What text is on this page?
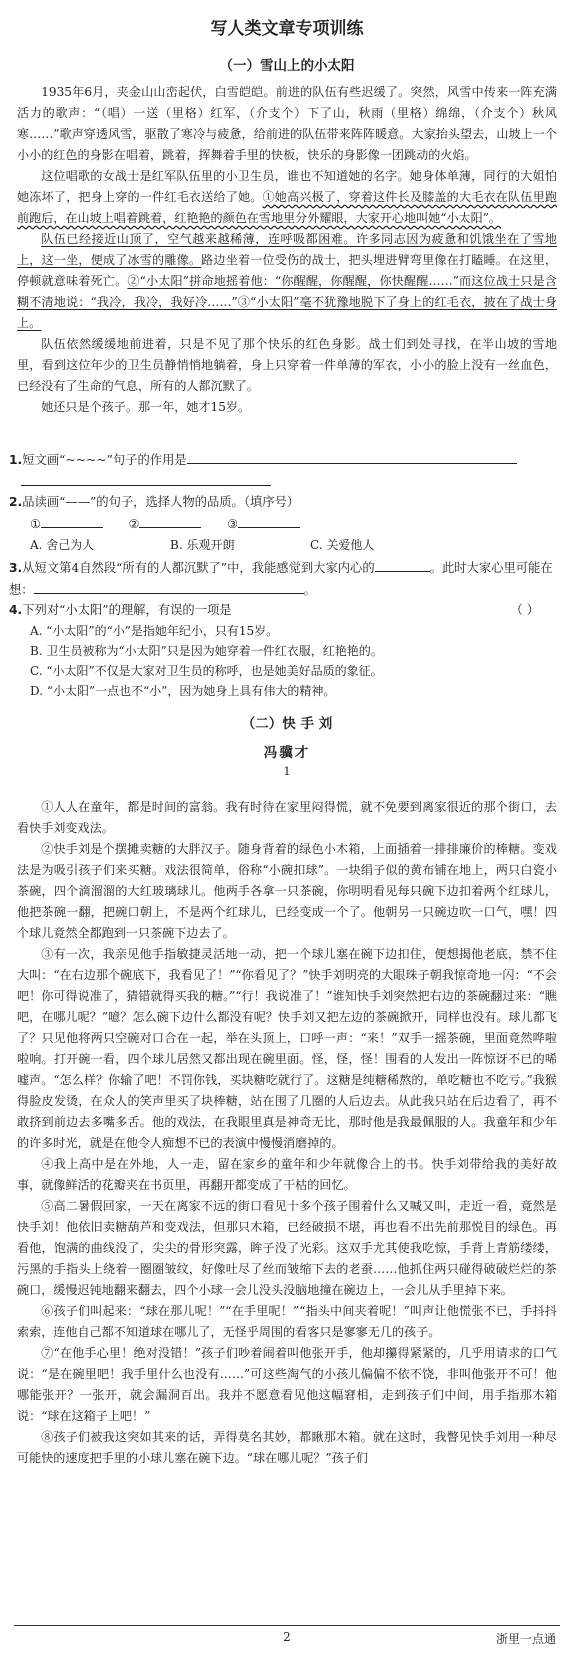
写人类文章专项训练
（一）雪山上的小太阳

1935年6月，夹金山山峦起伏，白雪皑皑。前进的队伍有些迟缓了。突然，风雪中传来一阵充满活力的歌声：“（唱）一送（里格）红军，（介支个）下了山，秋雨（里格）绵绵，（介支个）秋风寒……”歌声穿透风雪，驱散了寒冷与疲惫，给前进的队伍带来阵阵暖意。大家抬头望去，山坡上一个小小的红色的身影在唱着，跳着，挥舞着手里的快板，快乐的身影像一团跳动的火焰。

这位唱歌的女战士是红军队伍里的小卫生员，谁也不知道她的名字。她身体单薄，同行的大姐怕她冻坏了，把身上穿的一件红毛衣送给了她。①她高兴极了，穿着这件长及膝盖的大毛衣在队伍里跑前跑后，在山坡上唱着跳着，红艳艳的颜色在雪地里分外耀眼，大家开心地叫她“小太阳”。

队伍已经接近山顶了，空气越来越稀薄，连呼吸都困难。许多同志因为疲惫和饥饿坐在了雪地上，这一坐，便成了冰雪的雕像。路边坐着一位受伤的战士，把头埋进臂弯里像在打瞌睡。在这里，停顿就意味着死亡。②“小太阳”拼命地摇着他：“你醒醒，你醒醒，你快醒醒……”而这位战士只是含糊不清地说：“我冷，我冷，我好冷……”③“小太阳”毫不犹豫地脱下了身上的红毛衣，披在了战士身上。

队伍依然缓缓地前进着，只是不见了那个快乐的红色身影。战士们到处寻找，在半山坡的雪地里，看到这位年少的卫生员静悄悄地躺着，身上只穿着一件单薄的军衣，小小的脸上没有一丝血色，已经没有了生命的气息，所有的人都沉默了。

她还只是个孩子。那一年，她才15岁。

1.短文画“~~~~”句子的作用是

2.品读画“——”的句子，选择人物的品质。（填序号）
①	②	③
A. 舍己为人	B. 乐观开朗	C. 关爱他人
3.从短文第4自然段“所有的人都沉默了”中，我能感觉到大家内心的	。此时大家心里可能在想：	。
4.下列对“小太阳”的理解，有误的一项是	（ ）
A. “小太阳”的“小”是指她年纪小，只有15岁。
B. 卫生员被称为“小太阳”只是因为她穿着一件红衣服，红艳艳的。
C. “小太阳”不仅是大家对卫生员的称呼，也是她美好品质的象征。
D. “小太阳”一点也不“小”，因为她身上具有伟大的精神。
（二）快 手 刘
冯骥才
1

①人人在童年，都是时间的富翁。我有时待在家里闷得慌，就不免要到离家很近的那个街口，去看快手刘变戏法。

②快手刘是个摆摊卖糖的大胖汉子。随身背着的绿色小木箱，上面插着一排排廉价的棒糖。变戏法是为吸引孩子们来买糖。戏法很简单，俗称“小碗扣球”。一块绢子似的黄布铺在地上，两只白瓷小茶碗，四个滴溜溜的大红玻璃球儿。他两手各拿一只茶碗，你明明看见每只碗下边扣着两个红球儿，他把茶碗一翻，把碗口朝上，不是两个红球儿，已经变成一个了。他朝另一只碗边吹一口气，嘿！四个球儿竟然全都跑到一只茶碗下边去了。

③有一次，我亲见他手指敏捷灵活地一动，把一个球儿塞在碗下边扣住，便想揭他老底，禁不住大叫：“在右边那个碗底下，我看见了！”“你看见了？”快手刘明亮的大眼珠子朝我惊奇地一闪：“不会吧！你可得说准了，猜错就得买我的糖。”“行！我说准了！”谁知快手刘突然把右边的茶碗翻过来：“瞧吧，在哪儿呢？”噫？怎么碗下边什么都没有呢？快手刘又把左边的茶碗掀开，同样也没有。球儿都飞了？只见他将两只空碗对口合在一起，举在头顶上，口呼一声：“来！”双手一摇茶碗，里面竟然哗啦啦响。打开碗一看，四个球儿居然又都出现在碗里面。怪，怪，怪！围看的人发出一阵惊讶不已的唏嘘声。“怎么样？你输了吧！不罚你钱，买块糖吃就行了。这糖是纯糖稀熬的，单吃糖也不吃亏。”我猴得脸皮发烫，在众人的笑声里买了块棒糖，站在围了几圈的人后边去。从此我只站在后边看了，再不敢挤到前边去多嘴多舌。他的戏法，在我眼里真是神奇无比，那时他是我最佩服的人。我童年和少年的许多时光，就是在他令人痴想不已的表演中慢慢消磨掉的。

④我上高中是在外地，人一走，留在家乡的童年和少年就像合上的书。快手刘带给我的美好故事，就像鲜活的花瓣夹在书页里，再翻开都变成了干枯的回忆。

⑤高二暑假回家，一天在离家不远的街口看见十多个孩子围着什么又喊又叫，走近一看，竟然是快手刘！他依旧卖糖葫芦和变戏法，但那只木箱，已经破损不堪，再也看不出先前那悦目的绿色。再看他，饱满的曲线没了，尖尖的骨形突露，眸子没了光彩。这双手尤其使我吃惊，手背上青筋缕缕，污黑的手指头上绕着一圈圈皱纹，好像吐尽了丝而皱缩下去的老蚕……他抓住两只碰得破破烂烂的茶碗口，缓慢迟钝地翻来翻去，四个小球一会儿没头没脑地撞在碗边上，一会儿从手里掉下来。

⑥孩子们叫起来：“球在那儿呢！”“在手里呢！”“指头中间夹着呢！”叫声让他慌张不已，手抖抖索索，连他自己都不知道球在哪儿了，无怪乎周围的看客只是寥寥无几的孩子。

⑦“在他手心里！绝对没错！”孩子们吵着闹着叫他张开手，他却攥得紧紧的，几乎用请求的口气说：“是在碗里吧！我手里什么也没有……”可这些淘气的小孩儿偏偏不依不饶，非叫他张开不可！他哪能张开？一张开，就会漏洞百出。我并不愿意看见他这幅窘相，走到孩子们中间，用手指那木箱说：“球在这箱子上吧！”

⑧孩子们被我这突如其来的话，弄得莫名其妙，都瞅那木箱。就在这时，我瞥见快手刘用一种尽可能快的速度把手里的小球儿塞在碗下边。“球在哪儿呢？”孩子们

2	浙里一点通
